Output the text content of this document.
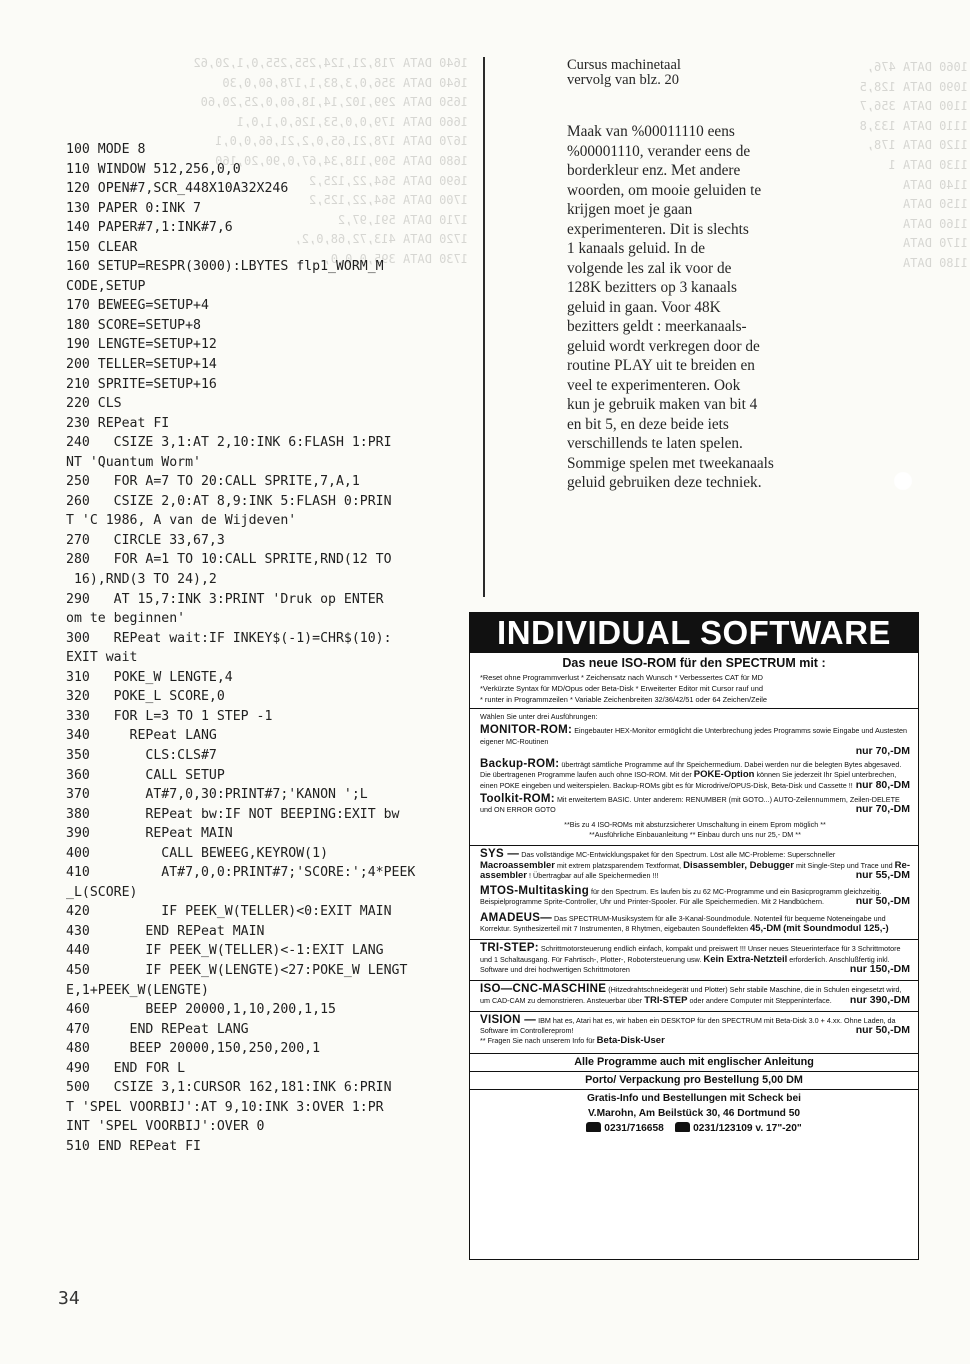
1640 DATA 718,21,124,255,255,0,1,20,62
1640 DATA 356,0,3,83,1,178,60,0,30
1650 DATA 299,102,14,18,60,0,25,20,60
1660 DATA 179,0,0,53,126,0,1,0,1
1670 DATA 178,21,65,0,2,21,66,0,0,1
1680 DATA 509,118,34,67,0,90,20,160
1690 DATA 564,22,125,2
1700 DATA 564,22,125,2
1710 DATA 591,97,2
1720 DATA 413,72,68,0,2,
1730 DATA 395,0,0,0,
1060 DATA 476,
1090 DATA 128,5
1100 DATA 356,7
1110 DATA 133,8
1120 DATA 178,
1130 DATA 1
1140 DATA
1150 DATA
1160 DATA
1170 DATA
1180 DATA
100 MODE 8
110 WINDOW 512,256,0,0
120 OPEN#7,SCR_448X10A32X246
130 PAPER 0:INK 7
140 PAPER#7,1:INK#7,6
150 CLEAR
160 SETUP=RESPR(3000):LBYTES flp1_WORM_M
CODE,SETUP
170 BEWEEG=SETUP+4
180 SCORE=SETUP+8
190 LENGTE=SETUP+12
200 TELLER=SETUP+14
210 SPRITE=SETUP+16
220 CLS
230 REPeat FI
240   CSIZE 3,1:AT 2,10:INK 6:FLASH 1:PRI
NT 'Quantum Worm'
250   FOR A=7 TO 20:CALL SPRITE,7,A,1
260   CSIZE 2,0:AT 8,9:INK 5:FLASH 0:PRIN
T 'C 1986, A van de Wijdeven'
270   CIRCLE 33,67,3
280   FOR A=1 TO 10:CALL SPRITE,RND(12 TO
16),RND(3 TO 24),2
290   AT 15,7:INK 3:PRINT 'Druk op ENTER
om te beginnen'
300   REPeat wait:IF INKEY$(-1)=CHR$(10):
EXIT wait
310   POKE_W LENGTE,4
320   POKE_L SCORE,0
330   FOR L=3 TO 1 STEP -1
340     REPeat LANG
350       CLS:CLS#7
360       CALL SETUP
370       AT#7,0,30:PRINT#7;'KANON ';L
380       REPeat bw:IF NOT BEEPING:EXIT bw
390       REPeat MAIN
400         CALL BEWEEG,KEYROW(1)
410         AT#7,0,0:PRINT#7;'SCORE:';4*PEEK
_L(SCORE)
420         IF PEEK_W(TELLER)<0:EXIT MAIN
430       END REPeat MAIN
440       IF PEEK_W(TELLER)<-1:EXIT LANG
450       IF PEEK_W(LENGTE)<27:POKE_W LENGT
E,1+PEEK_W(LENGTE)
460       BEEP 20000,1,10,200,1,15
470     END REPeat LANG
480     BEEP 20000,150,250,200,1
490   END FOR L
500   CSIZE 3,1:CURSOR 162,181:INK 6:PRIN
T 'SPEL VOORBIJ':AT 9,10:INK 3:OVER 1:PR
INT 'SPEL VOORBIJ':OVER 0
510 END REPeat FI

Cursus machinetaal

vervolg van blz. 20

Maak van %00011110 eens
%00001110, verander eens de
borderkleur enz. Met andere
woorden, om mooie geluiden te
krijgen moet je gaan
experimenteren. Dit is slechts
1 kanaals geluid. In de
volgende les zal ik voor de
128K bezitters op 3 kanaals
geluid in gaan. Voor 48K
bezitters geldt : meerkanaals-
geluid wordt verkregen door de
routine PLAY uit te breiden en
veel te experimenteren. Ook
kun je gebruik maken van bit 4
en bit 5, en deze beide iets
verschillends te laten spelen.
Sommige spelen met tweekanaals
geluid gebruiken deze techniek.
INDIVIDUAL SOFTWARE
Das neue ISO-ROM für den SPECTRUM mit :
*Reset ohne Programmverlust * Zeichensatz nach Wunsch * Verbessertes CAT für MD
*Verkürzte Syntax für MD/Opus oder Beta-Disk * Erweiterter Editor mit Cursor rauf und
* runter in Programmzeilen * Variable Zeichenbreiten 32/36/42/51 oder 64 Zeichen/Zeile
Wählen Sie unter drei Ausführungen:
MONITOR-ROM: Eingebauter HEX-Monitor ermöglicht die Unterbrechung jedes Programms sowie Eingabe und Austesten eigener MC-Routinen
nur 70,-DM
Backup-ROM: überträgt sämtliche Programme auf Ihr Speichermedium. Dabei werden nur die belegten Bytes abgesaved. Die übertragenen Programme laufen auch ohne ISO-ROM. Mit der POKE-Option können Sie jederzeit Ihr Spiel unterbrechen, einen POKE eingeben und weiterspielen. Backup-ROMs gibt es für Microdrive/OPUS-Disk, Beta-Disk und Cassette !! nur 80,-DM
Toolkit-ROM: Mit erweitertem BASIC. Unter anderem: RENUMBER (mit GOTO...) AUTO-Zeilennummern, Zeilen-DELETE und ON ERROR GOTO	nur 70,-DM
**Bis zu 4 ISO-ROMs mit absturzsicherer Umschaltung in einem Eprom möglich **
**Ausführliche Einbauanleitung ** Einbau durch uns nur 25,- DM **
SYS — Das vollständige MC-Entwicklungspaket für den Spectrum. Löst alle MC-Probleme: Superschneller Macroassembler mit extrem platzsparendem Textformat, Disassembler, Debugger mit Single-Step und Trace und Re-assembler ! Übertragbar auf alle Speichermedien !!!	nur 55,-DM
MTOS-Multitasking für den Spectrum. Es laufen bis zu 62 MC-Programme und ein Basicprogramm gleichzeitig. Beispielprogramme Sprite-Controller, Uhr und Printer-Spooler. Für alle Speichermedien. Mit 2 Handbüchern.	nur 50,-DM
AMADEUS— Das SPECTRUM-Musiksystem für alle 3-Kanal-Soundmodule. Notenteil für bequeme Noteneingabe und Korrektur. Synthesizerteil mit 7 Instrumenten, 8 Rhytmen, eigebauten Soundeffekten 45,-DM (mit Soundmodul 125,-)
TRI-STEP: Schrittmotorsteuerung endlich einfach, kompakt und preiswert !!! Unser neues Steuerinterface für 3 Schrittmotore und 1 Schaltausgang. Für Fahrtisch-, Plotter-, Robotersteuerung usw. Kein Extra-Netzteil erforderlich. Anschlußfertig inkl. Software und drei hochwertigen Schrittmotoren	nur 150,-DM
ISO—CNC-MASCHINE (Hitzedrahtschneidegerät und Plotter) Sehr stabile Maschine, die in Schulen eingesetzt wird, um CAD-CAM zu demonstrieren. Ansteuerbar über TRI-STEP oder andere Computer mit Steppeninterface. nur 390,-DM
VISION — IBM hat es, Atari hat es, wir haben ein DESKTOP für den SPECTRUM mit Beta-Disk 3.0 + 4.xx. Ohne Laden, da Software im Controllereprom!	nur 50,-DM
** Fragen Sie nach unserem Info für Beta-Disk-User
Alle Programme auch mit englischer Anleitung
Porto/ Verpackung pro Bestellung 5,00 DM
Gratis-Info und Bestellungen mit Scheck bei
V.Marohn, Am Beilstück 30, 46 Dortmund 50
0231/716658	0231/123109 v. 17"-20"
34
